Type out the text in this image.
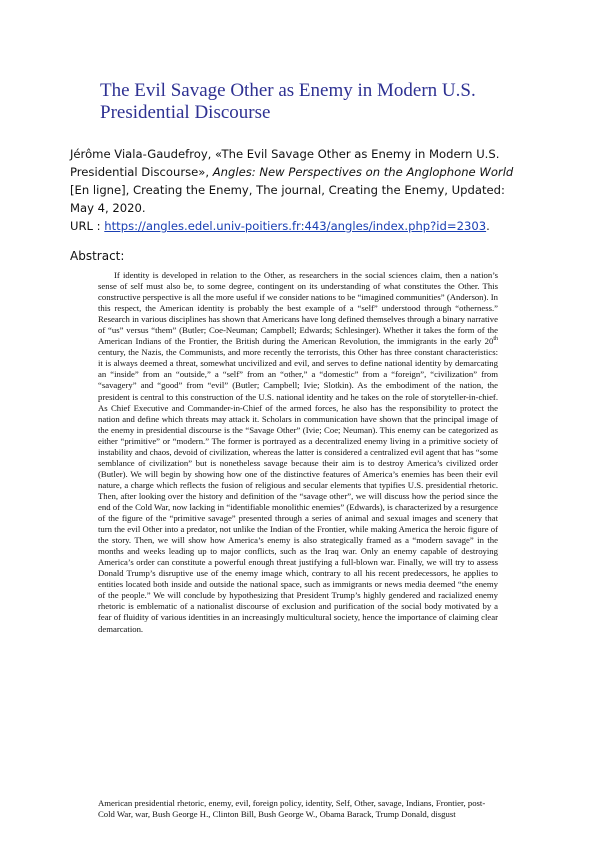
The Evil Savage Other as Enemy in Modern U.S. Presidential Discourse

Jérôme Viala-Gaudefroy, «The Evil Savage Other as Enemy in Modern U.S. Presidential Discourse», Angles: New Perspectives on the Anglophone World [En ligne], Creating the Enemy, The journal, Creating the Enemy, Updated: May 4, 2020.
URL : https://angles.edel.univ-poitiers.fr:443/angles/index.php?id=2303.

Abstract:

If identity is developed in relation to the Other, as researchers in the social sciences claim, then a nation’s sense of self must also be, to some degree, contingent on its understanding of what constitutes the Other. This constructive perspective is all the more useful if we consider nations to be “imagined communities” (Anderson). In this respect, the American identity is probably the best example of a “self” understood through “otherness.” Research in various disciplines has shown that Americans have long defined themselves through a binary narrative of “us” versus “them” (Butler; Coe-Neuman; Campbell; Edwards; Schlesinger). Whether it takes the form of the American Indians of the Frontier, the British during the American Revolution, the immigrants in the early 20th century, the Nazis, the Communists, and more recently the terrorists, this Other has three constant characteristics: it is always deemed a threat, somewhat uncivilized and evil, and serves to define national identity by demarcating an “inside” from an “outside,” a “self” from an “other,” a “domestic” from a “foreign”, “civilization” from “savagery” and “good” from “evil” (Butler; Campbell; Ivie; Slotkin). As the embodiment of the nation, the president is central to this construction of the U.S. national identity and he takes on the role of storyteller-in-chief. As Chief Executive and Commander-in-Chief of the armed forces, he also has the responsibility to protect the nation and define which threats may attack it. Scholars in communication have shown that the principal image of the enemy in presidential discourse is the “Savage Other” (Ivie; Coe; Neuman). This enemy can be categorized as either “primitive” or “modern.” The former is portrayed as a decentralized enemy living in a primitive society of instability and chaos, devoid of civilization, whereas the latter is considered a centralized evil agent that has “some semblance of civilization” but is nonetheless savage because their aim is to destroy America’s civilized order (Butler). We will begin by showing how one of the distinctive features of America’s enemies has been their evil nature, a charge which reflects the fusion of religious and secular elements that typifies U.S. presidential rhetoric. Then, after looking over the history and definition of the “savage other”, we will discuss how the period since the end of the Cold War, now lacking in “identifiable monolithic enemies” (Edwards), is characterized by a resurgence of the figure of the “primitive savage” presented through a series of animal and sexual images and scenery that turn the evil Other into a predator, not unlike the Indian of the Frontier, while making America the heroic figure of the story. Then, we will show how America’s enemy is also strategically framed as a “modern savage” in the months and weeks leading up to major conflicts, such as the Iraq war. Only an enemy capable of destroying America’s order can constitute a powerful enough threat justifying a full-blown war. Finally, we will try to assess Donald Trump’s disruptive use of the enemy image which, contrary to all his recent predecessors, he applies to entities located both inside and outside the national space, such as immigrants or news media deemed “the enemy of the people.” We will conclude by hypothesizing that President Trump’s highly gendered and racialized enemy rhetoric is emblematic of a nationalist discourse of exclusion and purification of the social body motivated by a fear of fluidity of various identities in an increasingly multicultural society, hence the importance of claiming clear demarcation.

American presidential rhetoric, enemy, evil, foreign policy, identity, Self, Other, savage, Indians, Frontier, post-Cold War, war, Bush George H., Clinton Bill, Bush George W., Obama Barack, Trump Donald, disgust
